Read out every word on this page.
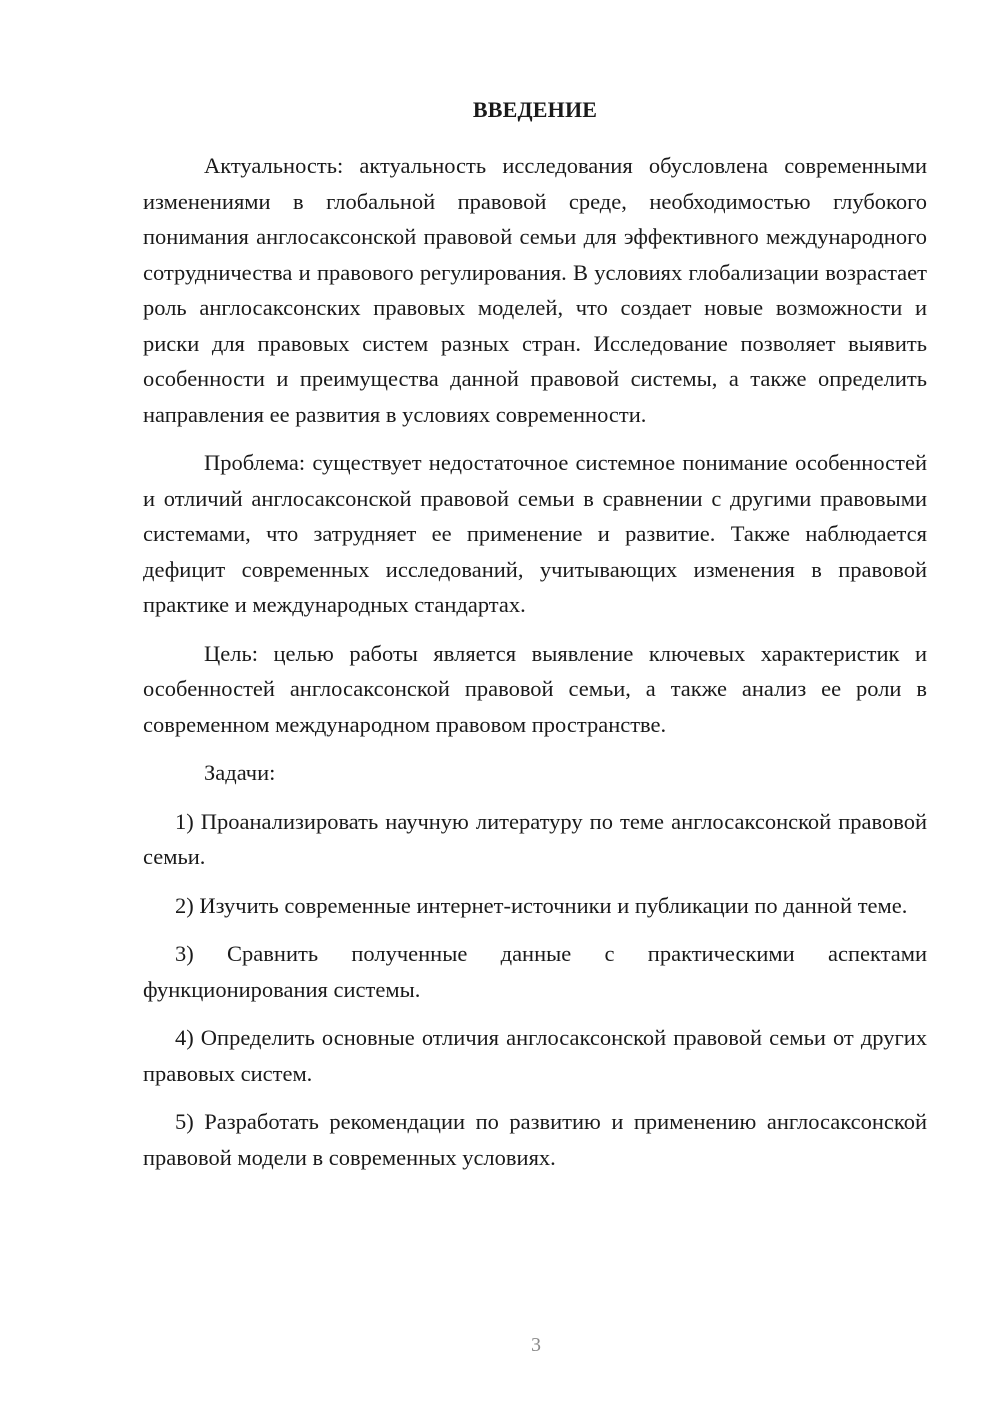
ВВЕДЕНИЕ

Актуальность: актуальность исследования обусловлена современными изменениями в глобальной правовой среде, необходимостью глубокого понимания англосаксонской правовой семьи для эффективного международного сотрудничества и правового регулирования. В условиях глобализации возрастает роль англосаксонских правовых моделей, что создает новые возможности и риски для правовых систем разных стран. Исследование позволяет выявить особенности и преимущества данной правовой системы, а также определить направления ее развития в условиях современности.

Проблема: существует недостаточное системное понимание особенностей и отличий англосаксонской правовой семьи в сравнении с другими правовыми системами, что затрудняет ее применение и развитие. Также наблюдается дефицит современных исследований, учитывающих изменения в правовой практике и международных стандартах.

Цель: целью работы является выявление ключевых характеристик и особенностей англосаксонской правовой семьи, а также анализ ее роли в современном международном правовом пространстве.

Задачи:

1) Проанализировать научную литературу по теме англосаксонской правовой семьи.

2) Изучить современные интернет-источники и публикации по данной теме.

3) Сравнить полученные данные с практическими аспектами функционирования системы.

4) Определить основные отличия англосаксонской правовой семьи от других правовых систем.

5) Разработать рекомендации по развитию и применению англосаксонской правовой модели в современных условиях.

3
